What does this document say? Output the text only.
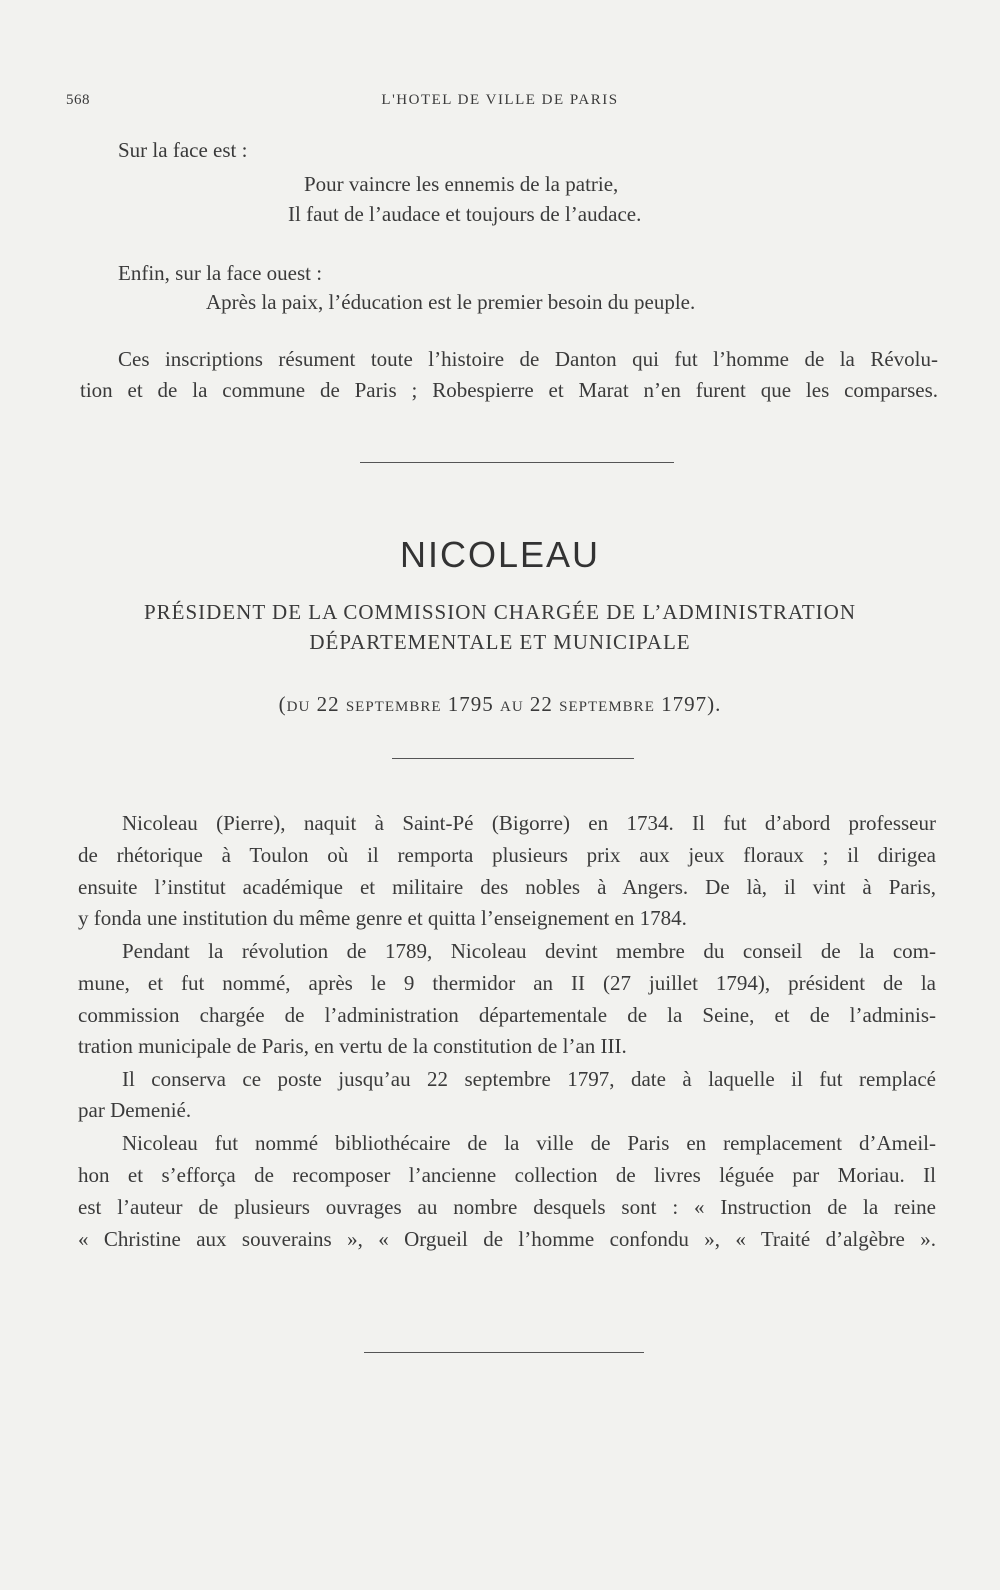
568	L'HOTEL DE VILLE DE PARIS
Sur la face est :
Pour vaincre les ennemis de la patrie,
Il faut de l’audace et toujours de l’audace.
Enfin, sur la face ouest :
Après la paix, l’éducation est le premier besoin du peuple.
Ces inscriptions résument toute l’histoire de Danton qui fut l’homme de la Révolu-
tion et de la commune de Paris ; Robespierre et Marat n’en furent que les comparses.
NICOLEAU
PRÉSIDENT DE LA COMMISSION CHARGÉE DE L’ADMINISTRATION
DÉPARTEMENTALE ET MUNICIPALE
(DU 22 SEPTEMBRE 1795 AU 22 SEPTEMBRE 1797).
Nicoleau (Pierre), naquit à Saint-Pé (Bigorre) en 1734. Il fut d’abord professeur
de rhétorique à Toulon où il remporta plusieurs prix aux jeux floraux ; il dirigea
ensuite l’institut académique et militaire des nobles à Angers. De là, il vint à Paris,
y fonda une institution du même genre et quitta l’enseignement en 1784.
Pendant la révolution de 1789, Nicoleau devint membre du conseil de la com-
mune, et fut nommé, après le 9 thermidor an II (27 juillet 1794), président de la
commission chargée de l’administration départementale de la Seine, et de l’adminis-
tration municipale de Paris, en vertu de la constitution de l’an III.
Il conserva ce poste jusqu’au 22 septembre 1797, date à laquelle il fut remplacé
par Demenié.
Nicoleau fut nommé bibliothécaire de la ville de Paris en remplacement d’Ameil-
hon et s’efforça de recomposer l’ancienne collection de livres léguée par Moriau. Il
est l’auteur de plusieurs ouvrages au nombre desquels sont : « Instruction de la reine
« Christine aux souverains », « Orgueil de l’homme confondu », « Traité d’algèbre ».
